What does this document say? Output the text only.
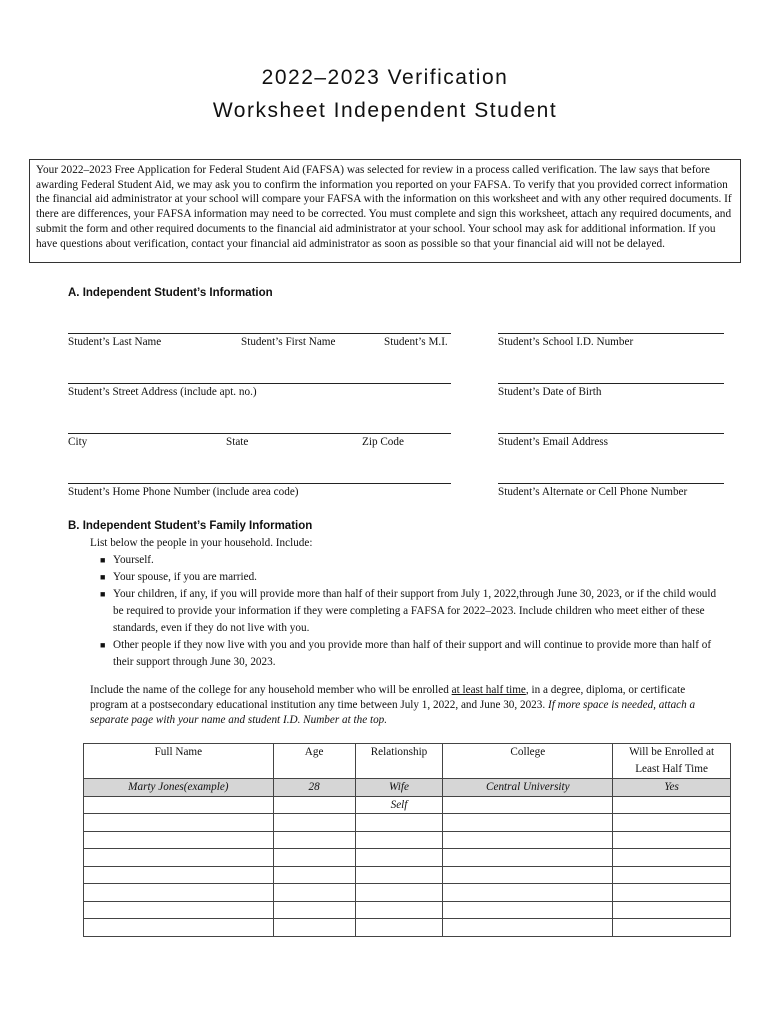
2022–2023 Verification
Worksheet Independent Student
Your 2022–2023 Free Application for Federal Student Aid (FAFSA) was selected for review in a process called verification. The law says that before awarding Federal Student Aid, we may ask you to confirm the information you reported on your FAFSA. To verify that you provided correct information the financial aid administrator at your school will compare your FAFSA with the information on this worksheet and with any other required documents. If there are differences, your FAFSA information may need to be corrected. You must complete and sign this worksheet, attach any required documents, and submit the form and other required documents to the financial aid administrator at your school. Your school may ask for additional information. If you have questions about verification, contact your financial aid administrator as soon as possible so that your financial aid will not be delayed.
A. Independent Student’s Information
Student’s Last Name	Student’s First Name	Student’s M.I.	Student’s School I.D. Number
Student’s Street Address (include apt. no.)	Student’s Date of Birth
City	State	Zip Code	Student’s Email Address
Student’s Home Phone Number (include area code)	Student’s Alternate or Cell Phone Number
B. Independent Student’s Family Information
List below the people in your household. Include:
■ Yourself.
■ Your spouse, if you are married.
■ Your children, if any, if you will provide more than half of their support from July 1, 2022,through June 30, 2023, or if the child would be required to provide your information if they were completing a FAFSA for 2022–2023. Include children who meet either of these standards, even if they do not live with you.
■ Other people if they now live with you and you provide more than half of their support and will continue to provide more than half of their support through June 30, 2023.
Include the name of the college for any household member who will be enrolled at least half time, in a degree, diploma, or certificate program at a postsecondary educational institution any time between July 1, 2022, and June 30, 2023. If more space is needed, attach a separate page with your name and student I.D. Number at the top.
Full Name	Age	Relationship	College	Will be Enrolled at Least Half Time
Marty Jones(example)	28	Wife	Central University	Yes
		Self		
